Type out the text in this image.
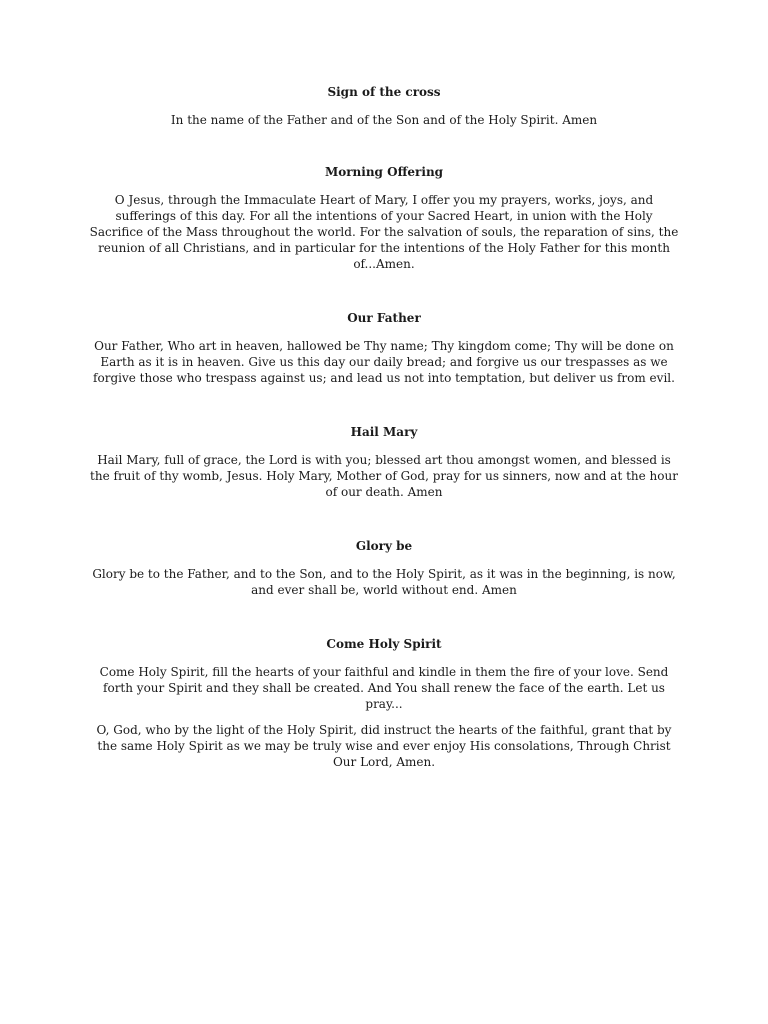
Sign of the cross

In the name of the Father and of the Son and of the Holy Spirit. Amen

Morning Offering

O Jesus, through the Immaculate Heart of Mary, I offer you my prayers, works, joys, and sufferings of this day. For all the intentions of your Sacred Heart, in union with the Holy Sacrifice of the Mass throughout the world. For the salvation of souls, the reparation of sins, the reunion of all Christians, and in particular for the intentions of the Holy Father for this month of...Amen.

Our Father

Our Father, Who art in heaven, hallowed be Thy name; Thy kingdom come; Thy will be done on Earth as it is in heaven. Give us this day our daily bread; and forgive us our trespasses as we forgive those who trespass against us; and lead us not into temptation, but deliver us from evil.

Hail Mary

Hail Mary, full of grace, the Lord is with you; blessed art thou amongst women, and blessed is the fruit of thy womb, Jesus. Holy Mary, Mother of God, pray for us sinners, now and at the hour of our death. Amen

Glory be

Glory be to the Father, and to the Son, and to the Holy Spirit, as it was in the beginning, is now, and ever shall be, world without end. Amen

Come Holy Spirit

Come Holy Spirit, fill the hearts of your faithful and kindle in them the fire of your love. Send forth your Spirit and they shall be created. And You shall renew the face of the earth. Let us pray...

O, God, who by the light of the Holy Spirit, did instruct the hearts of the faithful, grant that by the same Holy Spirit as we may be truly wise and ever enjoy His consolations, Through Christ Our Lord, Amen.
